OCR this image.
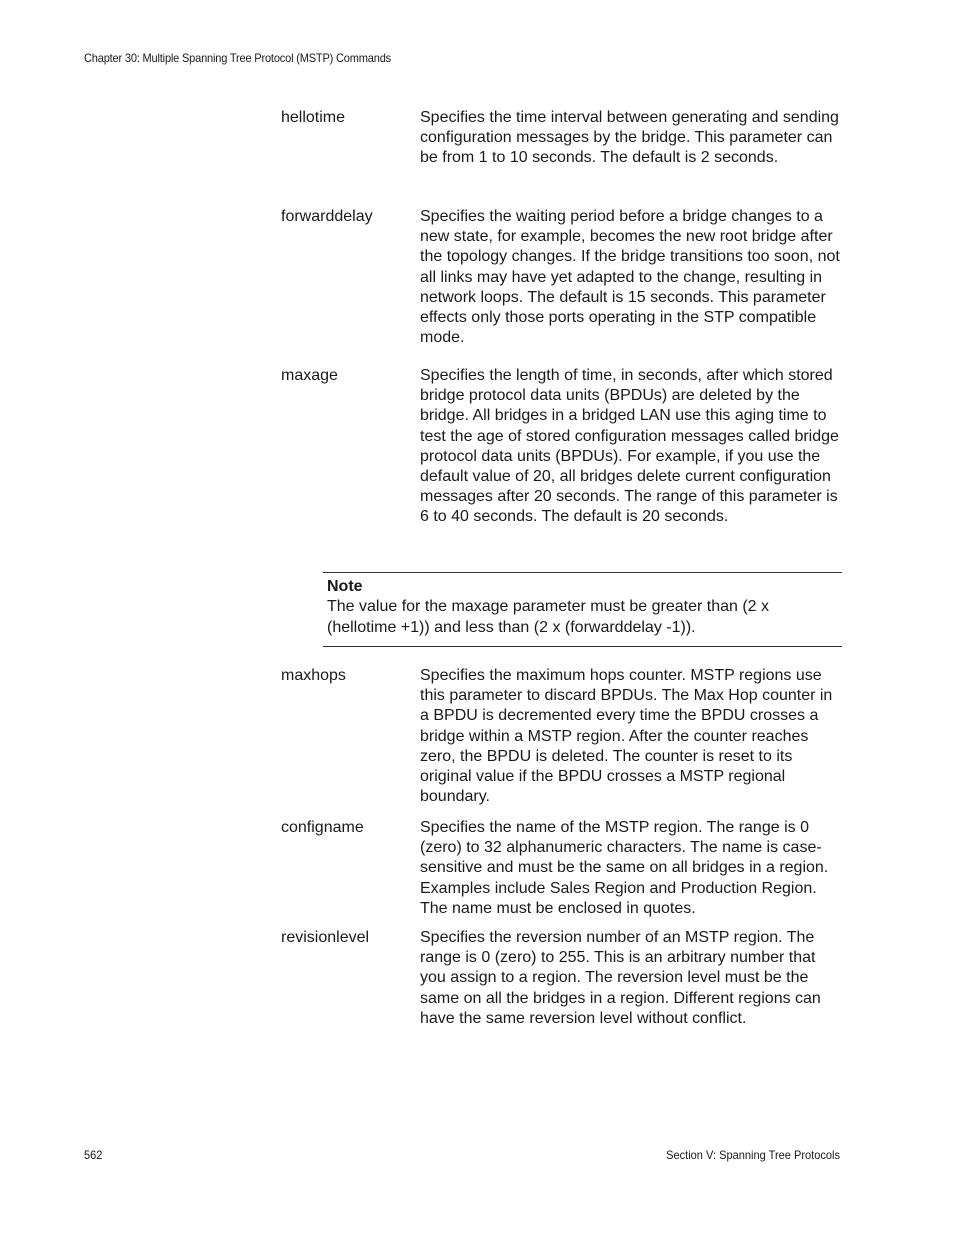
Chapter 30: Multiple Spanning Tree Protocol (MSTP) Commands
hellotime	Specifies the time interval between generating and sending configuration messages by the bridge. This parameter can be from 1 to 10 seconds. The default is 2 seconds.
forwarddelay	Specifies the waiting period before a bridge changes to a new state, for example, becomes the new root bridge after the topology changes. If the bridge transitions too soon, not all links may have yet adapted to the change, resulting in network loops. The default is 15 seconds. This parameter effects only those ports operating in the STP compatible mode.
maxage	Specifies the length of time, in seconds, after which stored bridge protocol data units (BPDUs) are deleted by the bridge. All bridges in a bridged LAN use this aging time to test the age of stored configuration messages called bridge protocol data units (BPDUs). For example, if you use the default value of 20, all bridges delete current configuration messages after 20 seconds. The range of this parameter is 6 to 40 seconds. The default is 20 seconds.
Note
The value for the maxage parameter must be greater than (2 x (hellotime +1)) and less than (2 x (forwarddelay -1)).
maxhops	Specifies the maximum hops counter. MSTP regions use this parameter to discard BPDUs. The Max Hop counter in a BPDU is decremented every time the BPDU crosses a bridge within a MSTP region. After the counter reaches zero, the BPDU is deleted. The counter is reset to its original value if the BPDU crosses a MSTP regional boundary.
configname	Specifies the name of the MSTP region. The range is 0 (zero) to 32 alphanumeric characters. The name is case-sensitive and must be the same on all bridges in a region. Examples include Sales Region and Production Region. The name must be enclosed in quotes.
revisionlevel	Specifies the reversion number of an MSTP region. The range is 0 (zero) to 255. This is an arbitrary number that you assign to a region. The reversion level must be the same on all the bridges in a region. Different regions can have the same reversion level without conflict.
562	Section V: Spanning Tree Protocols
